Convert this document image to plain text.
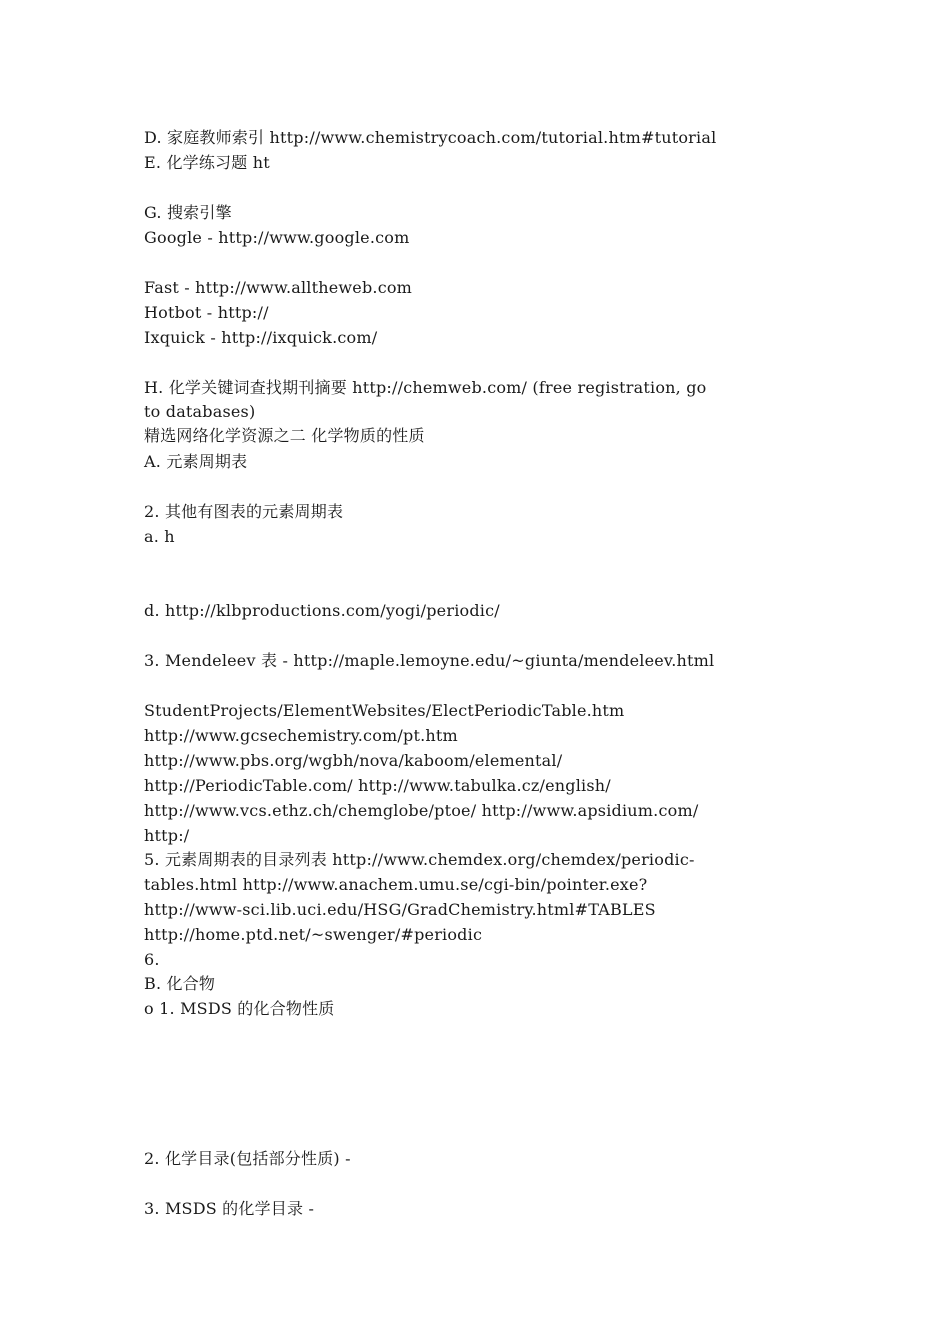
D. 家庭教师索引 http://www.chemistrycoach.com/tutorial.htm#tutorial
E. 化学练习题 ht
G. 搜索引擎
Google - http://www.google.com
Fast - http://www.alltheweb.com
Hotbot - http://
Ixquick - http://ixquick.com/
H. 化学关键词查找期刊摘要 http://chemweb.com/ (free registration, go
to databases)
精选网络化学资源之二 化学物质的性质
A. 元素周期表
2. 其他有图表的元素周期表
a. h
d. http://klbproductions.com/yogi/periodic/
3. Mendeleev 表 - http://maple.lemoyne.edu/~giunta/mendeleev.html
StudentProjects/ElementWebsites/ElectPeriodicTable.htm
http://www.gcsechemistry.com/pt.htm
http://www.pbs.org/wgbh/nova/kaboom/elemental/
http://PeriodicTable.com/ http://www.tabulka.cz/english/
http://www.vcs.ethz.ch/chemglobe/ptoe/ http://www.apsidium.com/
http:/
5. 元素周期表的目录列表 http://www.chemdex.org/chemdex/periodic-
tables.html http://www.anachem.umu.se/cgi-bin/pointer.exe?
http://www-sci.lib.uci.edu/HSG/GradChemistry.html#TABLES
http://home.ptd.net/~swenger/#periodic
6.
B. 化合物
o 1. MSDS 的化合物性质
2. 化学目录(包括部分性质) -
3. MSDS 的化学目录 -
